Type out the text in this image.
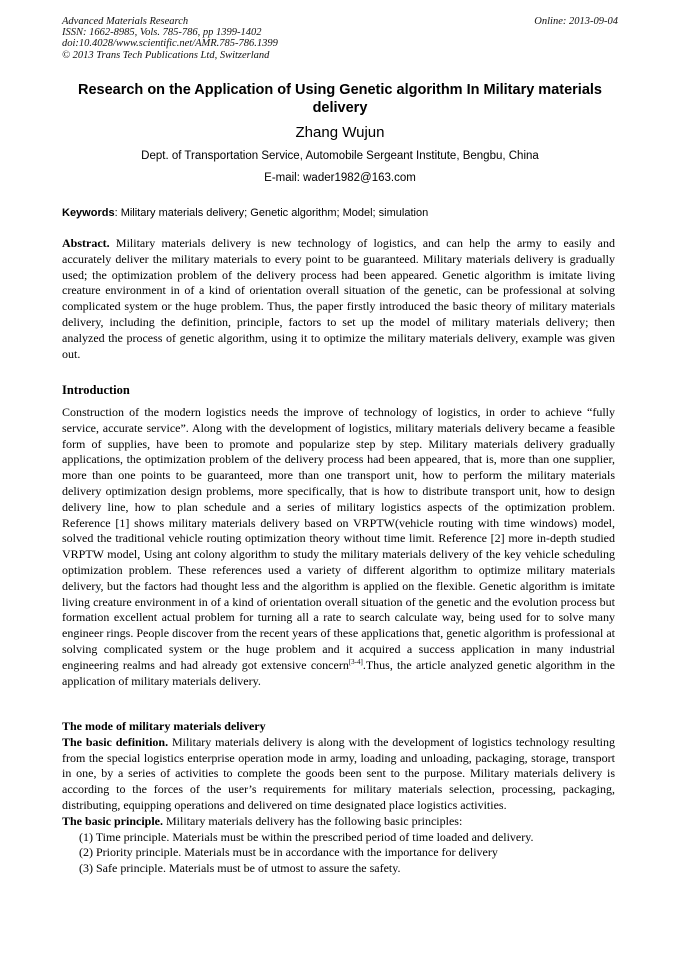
Advanced Materials Research
ISSN: 1662-8985, Vols. 785-786, pp 1399-1402
doi:10.4028/www.scientific.net/AMR.785-786.1399
© 2013 Trans Tech Publications Ltd, Switzerland
Online: 2013-09-04
Research on the Application of Using Genetic algorithm In Military materials delivery
Zhang Wujun
Dept. of Transportation Service, Automobile Sergeant Institute, Bengbu, China
E-mail: wader1982@163.com
Keywords: Military materials delivery; Genetic algorithm; Model; simulation
Abstract. Military materials delivery is new technology of logistics, and can help the army to easily and accurately deliver the military materials to every point to be guaranteed. Military materials delivery is gradually used; the optimization problem of the delivery process had been appeared. Genetic algorithm is imitate living creature environment in of a kind of orientation overall situation of the genetic, can be professional at solving complicated system or the huge problem. Thus, the paper firstly introduced the basic theory of military materials delivery, including the definition, principle, factors to set up the model of military materials delivery; then analyzed the process of genetic algorithm, using it to optimize the military materials delivery, example was given out.
Introduction
Construction of the modern logistics needs the improve of technology of logistics, in order to achieve “fully service, accurate service”. Along with the development of logistics, military materials delivery became a feasible form of supplies, have been to promote and popularize step by step. Military materials delivery gradually applications, the optimization problem of the delivery process had been appeared, that is, more than one supplier, more than one points to be guaranteed, more than one transport unit, how to perform the military materials delivery optimization design problems, more specifically, that is how to distribute transport unit, how to design delivery line, how to plan schedule and a series of military logistics aspects of the optimization problem. Reference [1] shows military materials delivery based on VRPTW(vehicle routing with time windows) model, solved the traditional vehicle routing optimization theory without time limit. Reference [2] more in-depth studied VRPTW model, Using ant colony algorithm to study the military materials delivery of the key vehicle scheduling optimization problem. These references used a variety of different algorithm to optimize military materials delivery, but the factors had thought less and the algorithm is applied on the flexible. Genetic algorithm is imitate living creature environment in of a kind of orientation overall situation of the genetic and the evolution process but formation excellent actual problem for turning all a rate to search calculate way, being used for to solve many engineer rings. People discover from the recent years of these applications that, genetic algorithm is professional at solving complicated system or the huge problem and it acquired a success application in many industrial engineering realms and had already got extensive concern[3-4].Thus, the article analyzed genetic algorithm in the application of military materials delivery.
The mode of military materials delivery
The basic definition. Military materials delivery is along with the development of logistics technology resulting from the special logistics enterprise operation mode in army, loading and unloading, packaging, storage, transport in one, by a series of activities to complete the goods been sent to the purpose. Military materials delivery is according to the forces of the user’s requirements for military materials selection, processing, packaging, distributing, equipping operations and delivered on time designated place logistics activities.
The basic principle. Military materials delivery has the following basic principles:
(1) Time principle. Materials must be within the prescribed period of time loaded and delivery.
(2) Priority principle. Materials must be in accordance with the importance for delivery
(3) Safe principle. Materials must be of utmost to assure the safety.
